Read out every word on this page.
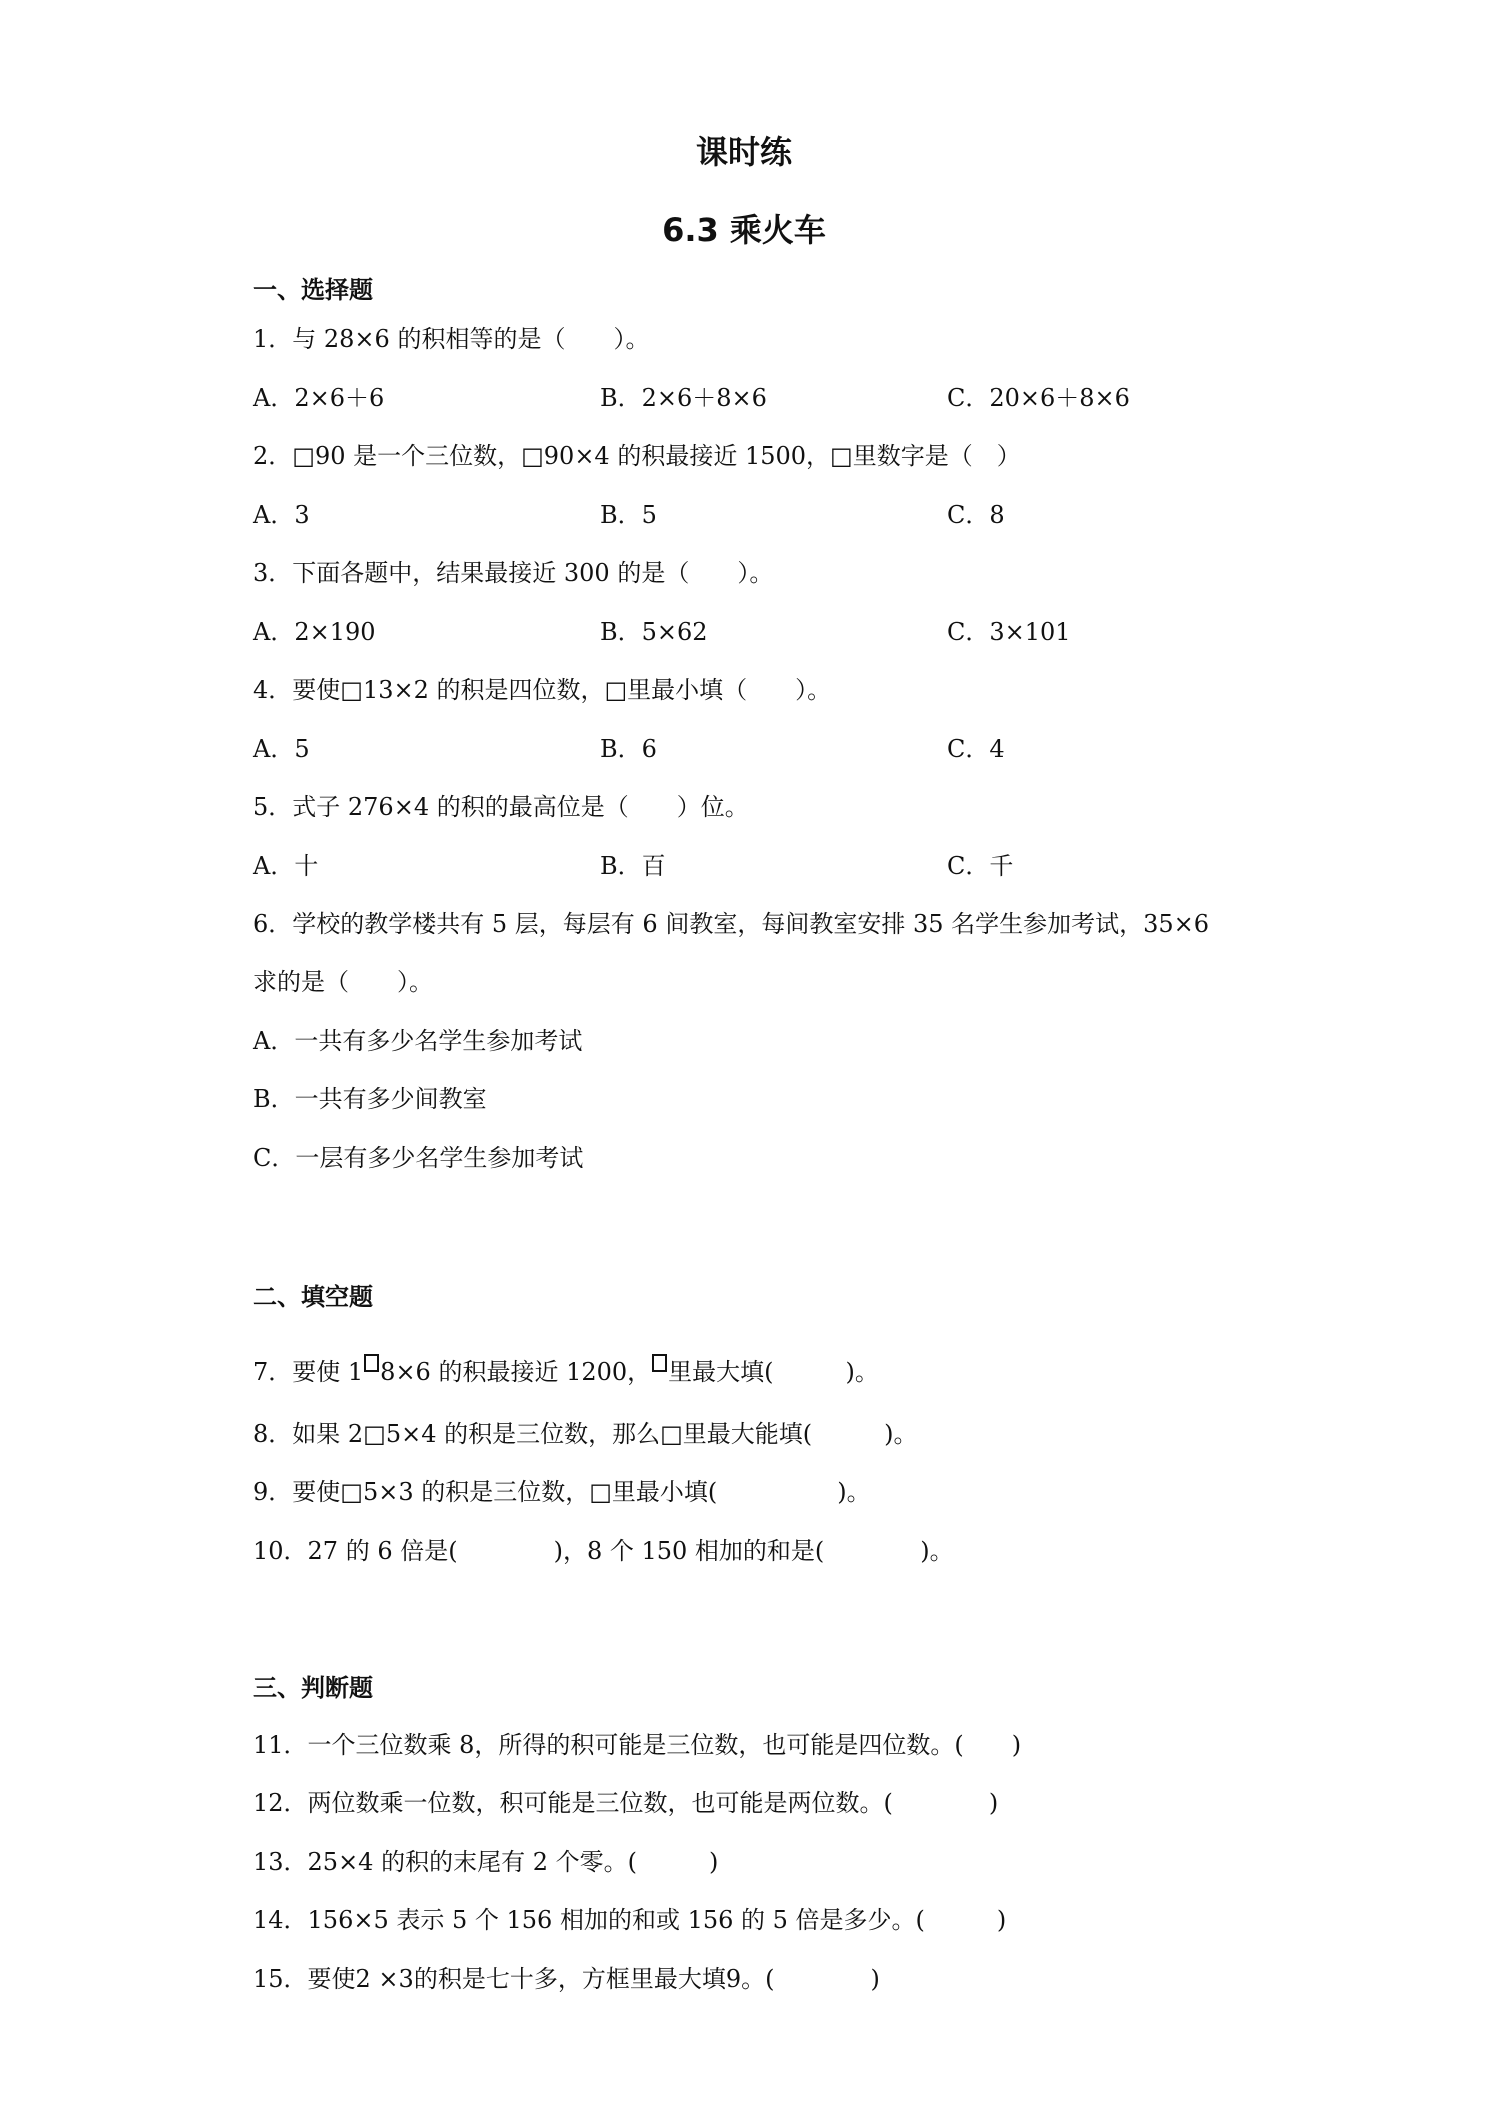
课时练
6.3 乘火车
一、选择题
1．与 28×6 的积相等的是（　　）。
A．2×6＋6	B．2×6＋8×6	C．20×6＋8×6
2．□90 是一个三位数，□90×4 的积最接近 1500，□里数字是（　）
A．3	B．5	C．8
3．下面各题中，结果最接近 300 的是（　　）。
A．2×190	B．5×62	C．3×101
4．要使□13×2 的积是四位数，□里最小填（　　）。
A．5	B．6	C．4
5．式子 276×4 的积的最高位是（　　）位。
A．十	B．百	C．千
6．学校的教学楼共有 5 层，每层有 6 间教室，每间教室安排 35 名学生参加考试，35×6
求的是（　　）。
A．一共有多少名学生参加考试
B．一共有多少间教室
C．一层有多少名学生参加考试
二、填空题
7．要使 1 8×6 的积最接近 1200， 里最大填(　　　)。
8．如果 2□5×4 的积是三位数，那么□里最大能填(　　　)。
9．要使□5×3 的积是三位数，□里最小填(　　　　　)。
10．27 的 6 倍是(　　　　)，8 个 150 相加的和是(　　　　)。
三、判断题
11．一个三位数乘 8，所得的积可能是三位数，也可能是四位数。(　　)
12．两位数乘一位数，积可能是三位数，也可能是两位数。(　　　　)
13．25×4 的积的末尾有 2 个零。(　　　)
14．156×5 表示 5 个 156 相加的和或 156 的 5 倍是多少。(　　　)
15．要使2 ×3的积是七十多，方框里最大填9。(　　　　)
